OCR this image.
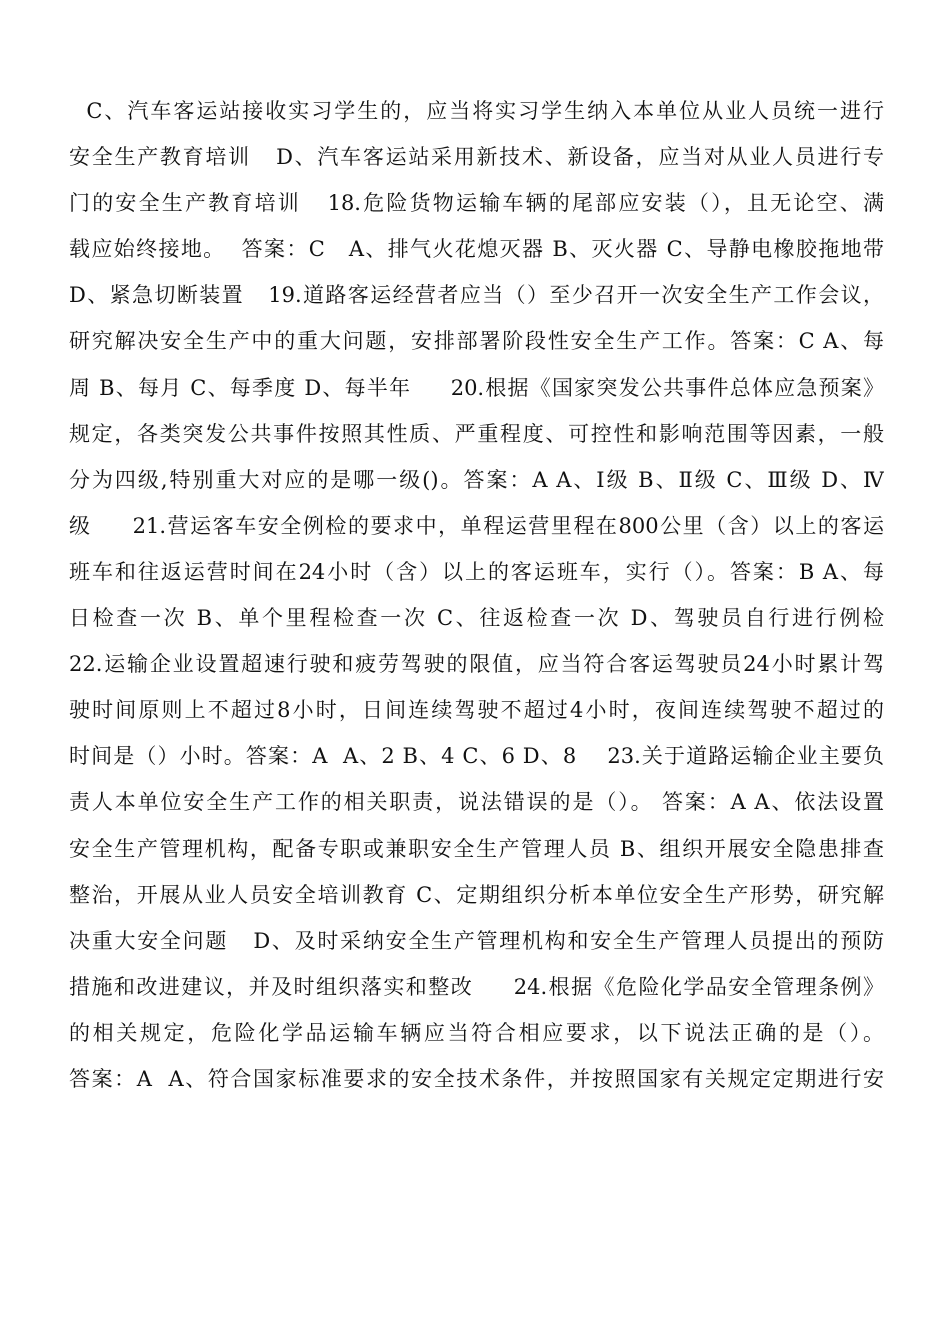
C、汽车客运站接收实习学生的，应当将实习学生纳入本单位从业人员统一进行
安全生产教育培训   D、汽车客运站采用新技术、新设备，应当对从业人员进行专
门的安全生产教育培训   18.危险货物运输车辆的尾部应安装（），且无论空、满
载应始终接地。  答案：C   A、排气火花熄灭器 B、灭火器 C、导静电橡胶拖地带
D、紧急切断装置   19.道路客运经营者应当（）至少召开一次安全生产工作会议，
研究解决安全生产中的重大问题，安排部署阶段性安全生产工作。答案：C A、每
周 B、每月 C、每季度 D、每半年     20.根据《国家突发公共事件总体应急预案》
规定，各类突发公共事件按照其性质、严重程度、可控性和影响范围等因素，一般
分为四级,特别重大对应的是哪一级()。答案：A A、Ⅰ级 B、Ⅱ级 C、Ⅲ级 D、Ⅳ
级     21.营运客车安全例检的要求中，单程运营里程在800公里（含）以上的客运
班车和往返运营时间在24小时（含）以上的客运班车，实行（）。答案：B A、每
日检查一次 B、单个里程检查一次 C、往返检查一次 D、驾驶员自行进行例检
22.运输企业设置超速行驶和疲劳驾驶的限值，应当符合客运驾驶员24小时累计驾
驶时间原则上不超过8小时，日间连续驾驶不超过4小时，夜间连续驾驶不超过的
时间是（）小时。答案：A  A、2 B、4 C、6 D、8    23.关于道路运输企业主要负
责人本单位安全生产工作的相关职责，说法错误的是（）。 答案：A A、依法设置
安全生产管理机构，配备专职或兼职安全生产管理人员 B、组织开展安全隐患排查
整治，开展从业人员安全培训教育 C、定期组织分析本单位安全生产形势，研究解
决重大安全问题   D、及时采纳安全生产管理机构和安全生产管理人员提出的预防
措施和改进建议，并及时组织落实和整改     24.根据《危险化学品安全管理条例》
的相关规定，危险化学品运输车辆应当符合相应要求，以下说法正确的是（）。
答案：A  A、符合国家标准要求的安全技术条件，并按照国家有关规定定期进行安
